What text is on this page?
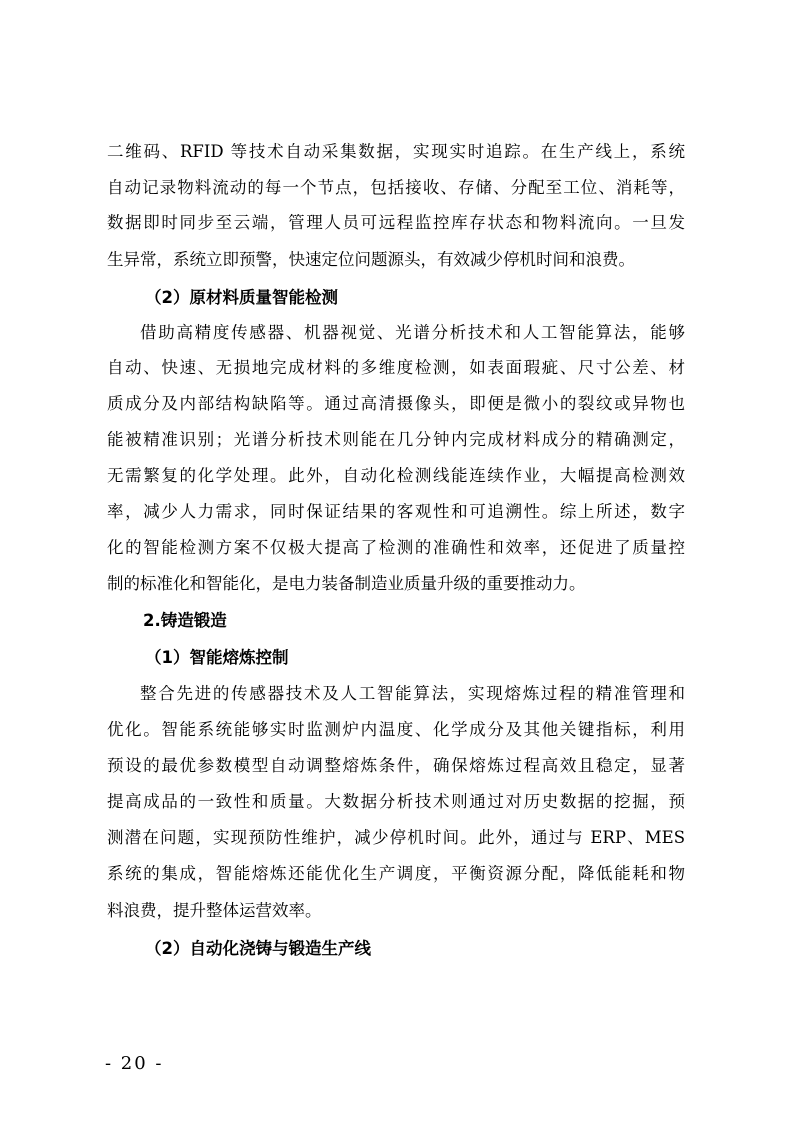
二维码、RFID 等技术自动采集数据，实现实时追踪。在生产线上，系统
自动记录物料流动的每一个节点，包括接收、存储、分配至工位、消耗等，
数据即时同步至云端，管理人员可远程监控库存状态和物料流向。一旦发
生异常，系统立即预警，快速定位问题源头，有效减少停机时间和浪费。
（2）原材料质量智能检测
借助高精度传感器、机器视觉、光谱分析技术和人工智能算法，能够
自动、快速、无损地完成材料的多维度检测，如表面瑕疵、尺寸公差、材
质成分及内部结构缺陷等。通过高清摄像头，即便是微小的裂纹或异物也
能被精准识别；光谱分析技术则能在几分钟内完成材料成分的精确测定，
无需繁复的化学处理。此外，自动化检测线能连续作业，大幅提高检测效
率，减少人力需求，同时保证结果的客观性和可追溯性。综上所述，数字
化的智能检测方案不仅极大提高了检测的准确性和效率，还促进了质量控
制的标准化和智能化，是电力装备制造业质量升级的重要推动力。
2.铸造锻造
（1）智能熔炼控制
整合先进的传感器技术及人工智能算法，实现熔炼过程的精准管理和
优化。智能系统能够实时监测炉内温度、化学成分及其他关键指标，利用
预设的最优参数模型自动调整熔炼条件，确保熔炼过程高效且稳定，显著
提高成品的一致性和质量。大数据分析技术则通过对历史数据的挖掘，预
测潜在问题，实现预防性维护，减少停机时间。此外，通过与 ERP、MES
系统的集成，智能熔炼还能优化生产调度，平衡资源分配，降低能耗和物
料浪费，提升整体运营效率。
（2）自动化浇铸与锻造生产线
- 20 -
